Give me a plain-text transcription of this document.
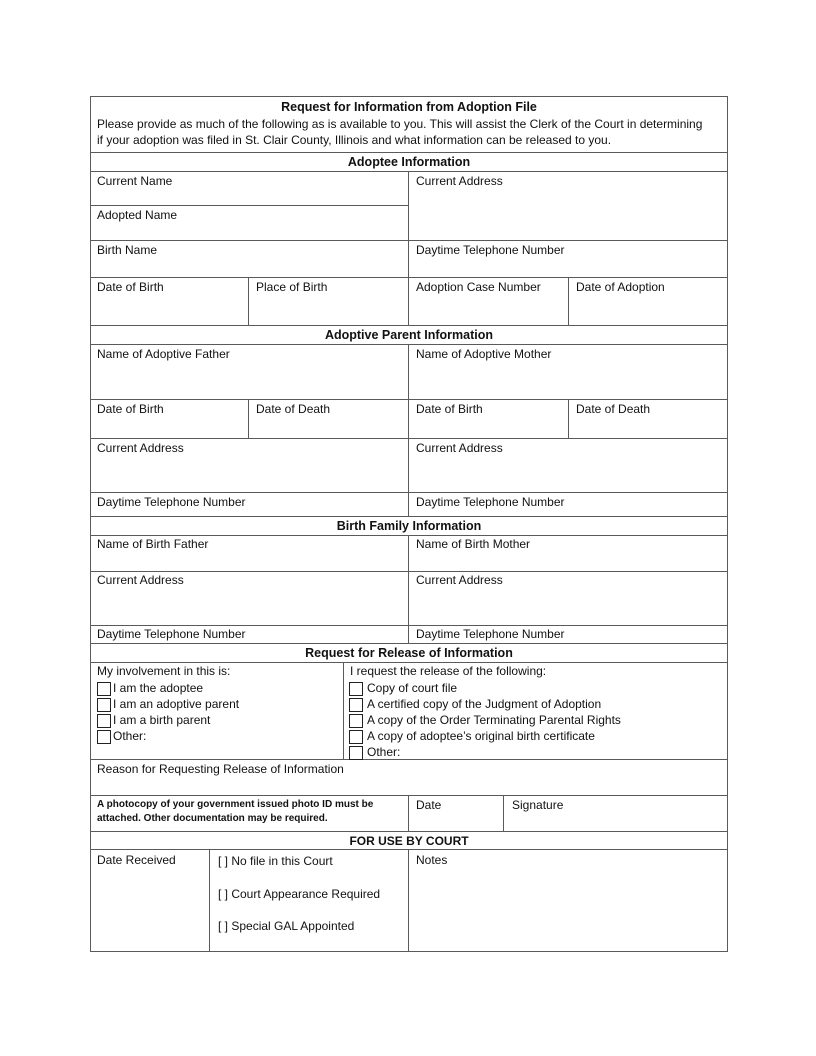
Request for Information from Adoption File
Please provide as much of the following as is available to you. This will assist the Clerk of the Court in determining
if your adoption was filed in St. Clair County, Illinois and what information can be released to you.
Adoptee Information
Current Name
Adopted Name
Current Address
Birth Name	Daytime Telephone Number
Date of Birth	Place of Birth	Adoption Case Number	Date of Adoption
Adoptive Parent Information
Name of Adoptive Father	Name of Adoptive Mother
Date of Birth	Date of Death	Date of Birth	Date of Death
Current Address	Current Address
Daytime Telephone Number	Daytime Telephone Number
Birth Family Information
Name of Birth Father	Name of Birth Mother
Current Address	Current Address
Daytime Telephone Number	Daytime Telephone Number
Request for Release of Information
My involvement in this is:
I am the adoptee
I am an adoptive parent
I am a birth parent
Other:
I request the release of the following:
Copy of court file
A certified copy of the Judgment of Adoption
A copy of the Order Terminating Parental Rights
A copy of adoptee’s original birth certificate
Other:
Reason for Requesting Release of Information
A photocopy of your government issued photo ID must be
attached. Other documentation may be required.
Date	Signature
FOR USE BY COURT
Date Received	[ ] No file in this Court
[ ] Court Appearance Required
[ ] Special GAL Appointed
Notes
